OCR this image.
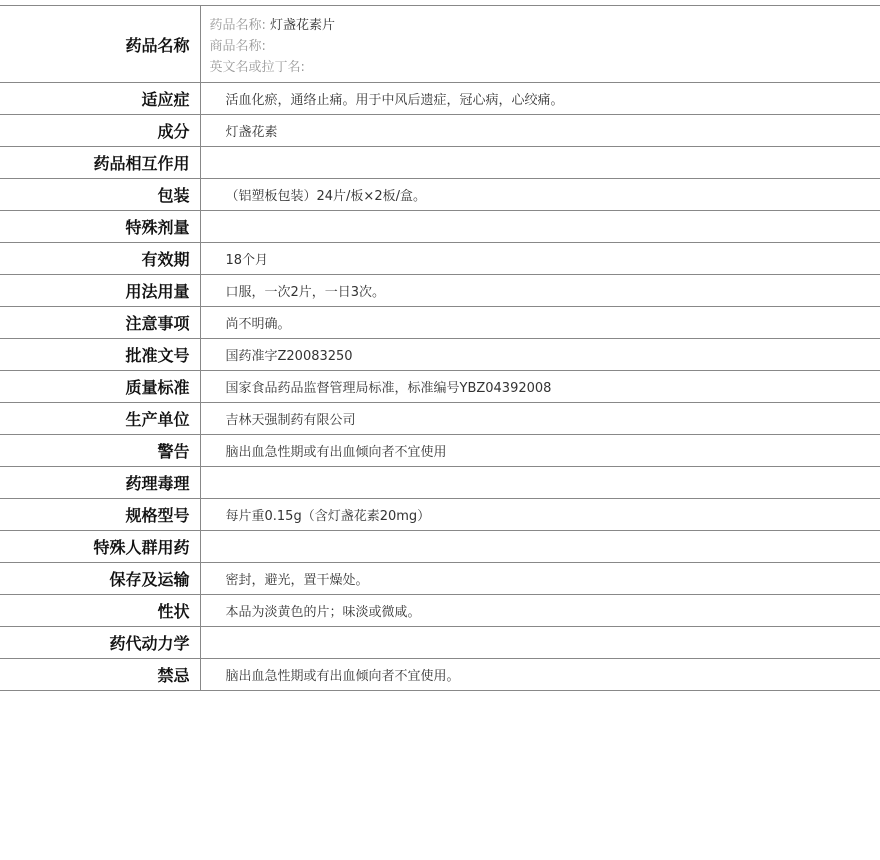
药品名称	药品名称: 灯盏花素片
商品名称:
英文名或拉丁名:

适应症	活血化瘀，通络止痛。用于中风后遗症，冠心病，心绞痛。
成分	灯盏花素
药品相互作用	
包装	（铝塑板包装）24片/板×2板/盒。
特殊剂量	
有效期	18个月
用法用量	口服，一次2片，一日3次。
注意事项	尚不明确。
批准文号	国药准字Z20083250
质量标准	国家食品药品监督管理局标准，标准编号YBZ04392008
生产单位	吉林天强制药有限公司
警告	脑出血急性期或有出血倾向者不宜使用
药理毒理	
规格型号	每片重0.15g（含灯盏花素20mg）
特殊人群用药	
保存及运输	密封，避光，置干燥处。
性状	本品为淡黄色的片；味淡或微咸。
药代动力学	
禁忌	脑出血急性期或有出血倾向者不宜使用。
